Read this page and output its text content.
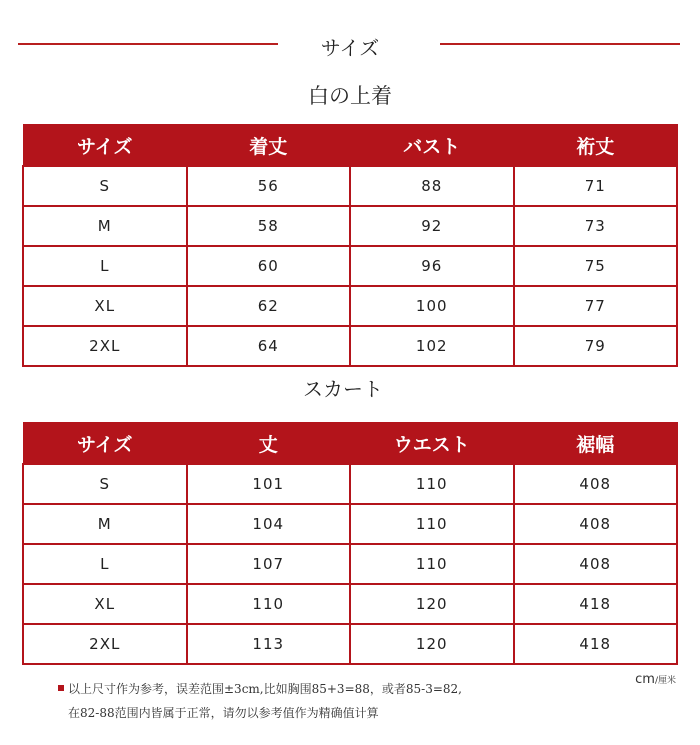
サイズ
白の上着
サイズ	着丈	バスト	裄丈
S	56	88	71
M	58	92	73
L	60	96	75
XL	62	100	77
2XL	64	102	79
スカート
サイズ	丈	ウエスト	裾幅
S	101	110	408
M	104	110	408
L	107	110	408
XL	110	120	418
2XL	113	120	418
cm/厘米
以上尺寸作为参考，误差范围±3cm,比如胸围85+3=88，或者85-3=82,
在82-88范围内皆属于正常，请勿以参考值作为精确值计算
